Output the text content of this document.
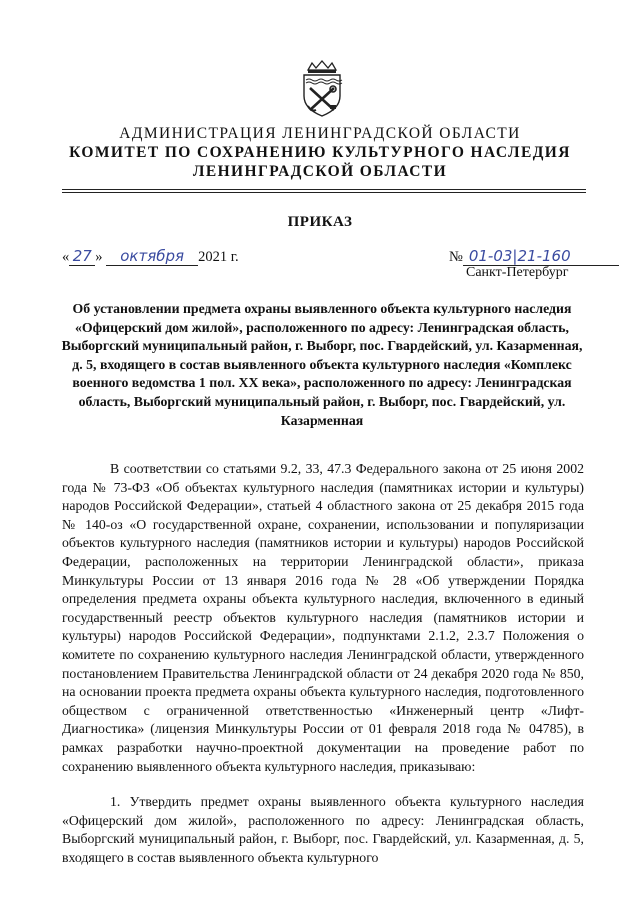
АДМИНИСТРАЦИЯ ЛЕНИНГРАДСКОЙ ОБЛАСТИ
КОМИТЕТ ПО СОХРАНЕНИЮ КУЛЬТУРНОГО НАСЛЕДИЯ
ЛЕНИНГРАДСКОЙ ОБЛАСТИ
ПРИКАЗ
« 27 » октября 2021 г.	№ 01-03|21-160
Санкт-Петербург
Об установлении предмета охраны выявленного объекта культурного наследия «Офицерский дом жилой», расположенного по адресу: Ленинградская область, Выборгский муниципальный район, г. Выборг, пос. Гвардейский, ул. Казарменная, д. 5, входящего в состав выявленного объекта культурного наследия «Комплекс военного ведомства 1 пол. XX века», расположенного по адресу: Ленинградская область, Выборгский муниципальный район, г. Выборг, пос. Гвардейский, ул. Казарменная

В соответствии со статьями 9.2, 33, 47.3 Федерального закона от 25 июня 2002 года № 73-ФЗ «Об объектах культурного наследия (памятниках истории и культуры) народов Российской Федерации», статьей 4 областного закона от 25 декабря 2015 года № 140-оз «О государственной охране, сохранении, использовании и популяризации объектов культурного наследия (памятников истории и культуры) народов Российской Федерации, расположенных на территории Ленинградской области», приказа Минкультуры России от 13 января 2016 года № 28 «Об утверждении Порядка определения предмета охраны объекта культурного наследия, включенного в единый государственный реестр объектов культурного наследия (памятников истории и культуры) народов Российской Федерации», подпунктами 2.1.2, 2.3.7 Положения о комитете по сохранению культурного наследия Ленинградской области, утвержденного постановлением Правительства Ленинградской области от 24 декабря 2020 года № 850, на основании проекта предмета охраны объекта культурного наследия, подготовленного обществом с ограниченной ответственностью «Инженерный центр «Лифт-Диагностика» (лицензия Минкультуры России от 01 февраля 2018 года № 04785), в рамках разработки научно-проектной документации на проведение работ по сохранению выявленного объекта культурного наследия, приказываю:

1. Утвердить предмет охраны выявленного объекта культурного наследия «Офицерский дом жилой», расположенного по адресу: Ленинградская область, Выборгский муниципальный район, г. Выборг, пос. Гвардейский, ул. Казарменная, д. 5, входящего в состав выявленного объекта культурного
